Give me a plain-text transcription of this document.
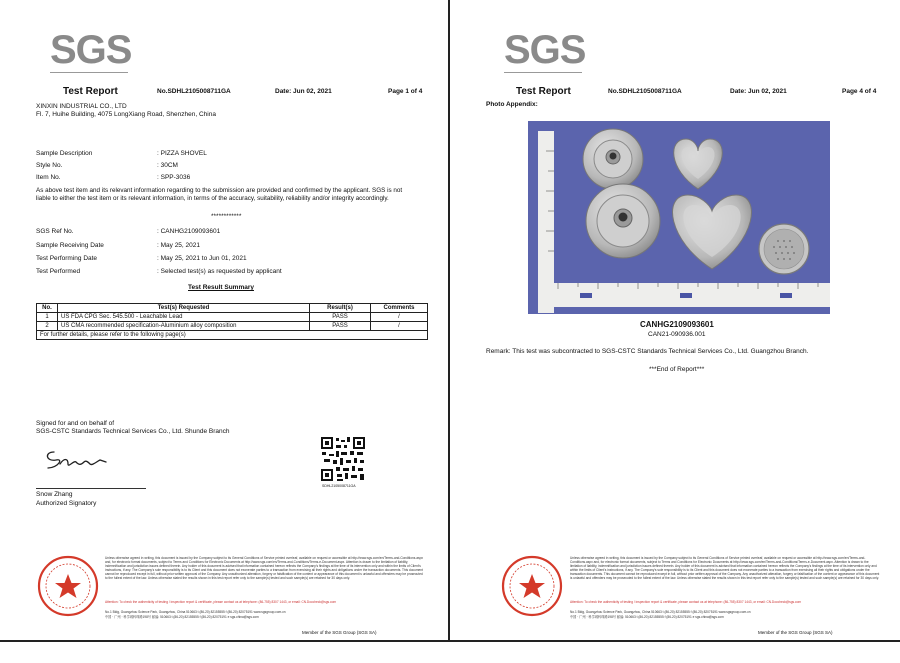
SGS
Test Report	No.SDHL2105008711GA	Date: Jun 02, 2021	Page 1 of 4
XINXIN INDUSTRIAL CO., LTD
Fl. 7, Huihe Building, 4075 LongXiang Road, Shenzhen, China
Sample Description	: PIZZA SHOVEL
Style No.	: 30CM
Item No.	: SPP-3036
As above test item and its relevant information regarding to the submission are provided and confirmed by the applicant. SGS is not liable to either the test item or its relevant information, in terms of the accuracy, suitability, reliability and/or integrity accordingly.
************
SGS Ref No.	: CANHG2109093601
Sample Receiving Date	: May 25, 2021
Test Performing Date	: May 25, 2021 to Jun 01, 2021
Test Performed	: Selected test(s) as requested by applicant
Test Result Summary
No.	Test(s) Requested	Result(s)	Comments
1	US FDA CPG Sec. 545.500 - Leachable Lead	PASS	/
2	US CMA recommended specification-Aluminium alloy composition	PASS	/
For further details, please refer to the following page(s)			
Signed for and on behalf of
SGS-CSTC Standards Technical Services Co., Ltd. Shunde Branch
SDHL2105008711GA
Snow Zhang
Authorized Signatory
Unless otherwise agreed in writing, this document is issued by the Company subject to its General Conditions of Service printed overleaf, available on request or accessible at http://www.sgs.com/en/Terms-and-Conditions.aspx and, for electronic format documents, subject to Terms and Conditions for Electronic Documents at http://www.sgs.com/en/Terms-and-Conditions/Terms-e-Document.aspx. Attention is drawn to the limitation of liability, indemnification and jurisdiction issues defined therein. Any holder of this document is advised that information contained hereon reflects the Company's findings at the time of its intervention only and within the limits of Client's instructions, if any. The Company's sole responsibility is to its Client and this document does not exonerate parties to a transaction from exercising all their rights and obligations under the transaction documents. This document cannot be reproduced except in full, without prior written approval of the Company. Any unauthorized alteration, forgery or falsification of the content or appearance of this document is unlawful and offenders may be prosecuted to the fullest extent of the law. Unless otherwise stated the results shown in this test report refer only to the sample(s) tested and such sample(s) are retained for 30 days only.
Attention: To check the authenticity of testing / inspection report & certificate, please contact us at telephone: (86-755) 8307 1443, or email: CN.Doccheck@sgs.com
No.1 Bldg, Guangzhou Science Park, Guangzhou, China 510663 t (86-20) 82155555 f (86-20) 82075191 www.sgsgroup.com.cn
中国 · 广州 · 科学城科珠路198号 邮编: 510663 t (86-20) 82155555 f (86-20) 82075191 e sgs.china@sgs.com
Member of the SGS Group (SGS SA)
SGS
Test Report	No.SDHL2105008711GA	Date: Jun 02, 2021	Page 4 of 4
Photo Appendix:
CANHG2109093601
CAN21-090936.001
Remark: This test was subcontracted to SGS-CSTC Standards Technical Services Co., Ltd. Guangzhou Branch.
***End of Report***
Unless otherwise agreed in writing, this document is issued by the Company subject to its General Conditions of Service printed overleaf, available on request or accessible at http://www.sgs.com/en/Terms-and-Conditions.aspx and, for electronic format documents, subject to Terms and Conditions for Electronic Documents at http://www.sgs.com/en/Terms-and-Conditions/Terms-e-Document.aspx. Attention is drawn to the limitation of liability, indemnification and jurisdiction issues defined therein. Any holder of this document is advised that information contained hereon reflects the Company's findings at the time of its intervention only and within the limits of Client's instructions, if any. The Company's sole responsibility is to its Client and this document does not exonerate parties to a transaction from exercising all their rights and obligations under the transaction documents. This document cannot be reproduced except in full, without prior written approval of the Company. Any unauthorized alteration, forgery or falsification of the content or appearance of this document is unlawful and offenders may be prosecuted to the fullest extent of the law. Unless otherwise stated the results shown in this test report refer only to the sample(s) tested and such sample(s) are retained for 30 days only.
Attention: To check the authenticity of testing / inspection report & certificate, please contact us at telephone: (86-755) 8307 1443, or email: CN.Doccheck@sgs.com
No.1 Bldg, Guangzhou Science Park, Guangzhou, China 510663 t (86-20) 82155555 f (86-20) 82075191 www.sgsgroup.com.cn
中国 · 广州 · 科学城科珠路198号 邮编: 510663 t (86-20) 82155555 f (86-20) 82075191 e sgs.china@sgs.com
Member of the SGS Group (SGS SA)
